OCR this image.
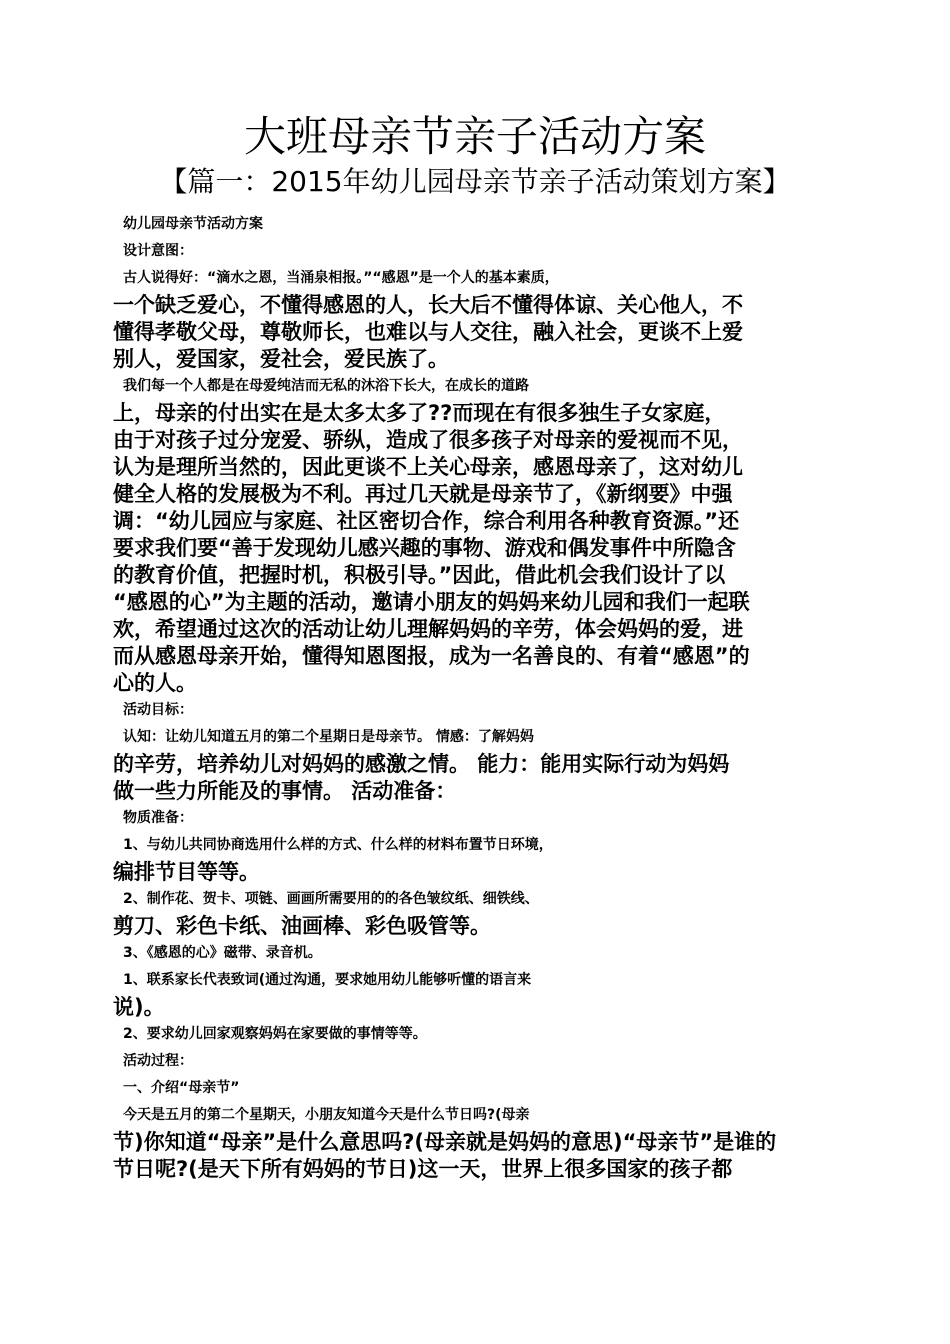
大班母亲节亲子活动方案
【篇一：2015年幼儿园母亲节亲子活动策划方案】
幼儿园母亲节活动方案
设计意图：
古人说得好：“滴水之恩，当涌泉相报。”“感恩”是一个人的基本素质，
一个缺乏爱心，不懂得感恩的人，长大后不懂得体谅、关心他人，不
懂得孝敬父母，尊敬师长，也难以与人交往，融入社会，更谈不上爱
别人，爱国家，爱社会，爱民族了。
我们每一个人都是在母爱纯洁而无私的沐浴下长大，在成长的道路
上，母亲的付出实在是太多太多了??而现在有很多独生子女家庭，
由于对孩子过分宠爱、骄纵，造成了很多孩子对母亲的爱视而不见，
认为是理所当然的，因此更谈不上关心母亲，感恩母亲了，这对幼儿
健全人格的发展极为不利。再过几天就是母亲节了，《新纲要》中强
调：“幼儿园应与家庭、社区密切合作，综合利用各种教育资源。”还
要求我们要“善于发现幼儿感兴趣的事物、游戏和偶发事件中所隐含
的教育价值，把握时机，积极引导。”因此，借此机会我们设计了以
“感恩的心”为主题的活动，邀请小朋友的妈妈来幼儿园和我们一起联
欢，希望通过这次的活动让幼儿理解妈妈的辛劳，体会妈妈的爱，进
而从感恩母亲开始，懂得知恩图报，成为一名善良的、有着“感恩”的
心的人。
活动目标：
认知：让幼儿知道五月的第二个星期日是母亲节。 情感：了解妈妈
的辛劳，培养幼儿对妈妈的感激之情。 能力：能用实际行动为妈妈
做一些力所能及的事情。 活动准备：
物质准备：
1、与幼儿共同协商选用什么样的方式、什么样的材料布置节日环境，
编排节目等等。
2、制作花、贺卡、项链、画画所需要用的的各色皱纹纸、细铁线、
剪刀、彩色卡纸、油画棒、彩色吸管等。
3、《感恩的心》磁带、录音机。
1、联系家长代表致词(通过沟通，要求她用幼儿能够听懂的语言来
说)。
2、要求幼儿回家观察妈妈在家要做的事情等等。
活动过程：
一、介绍“母亲节”
今天是五月的第二个星期天，小朋友知道今天是什么节日吗?(母亲
节)你知道“母亲”是什么意思吗?(母亲就是妈妈的意思)“母亲节”是谁的
节日呢?(是天下所有妈妈的节日)这一天，世界上很多国家的孩子都
